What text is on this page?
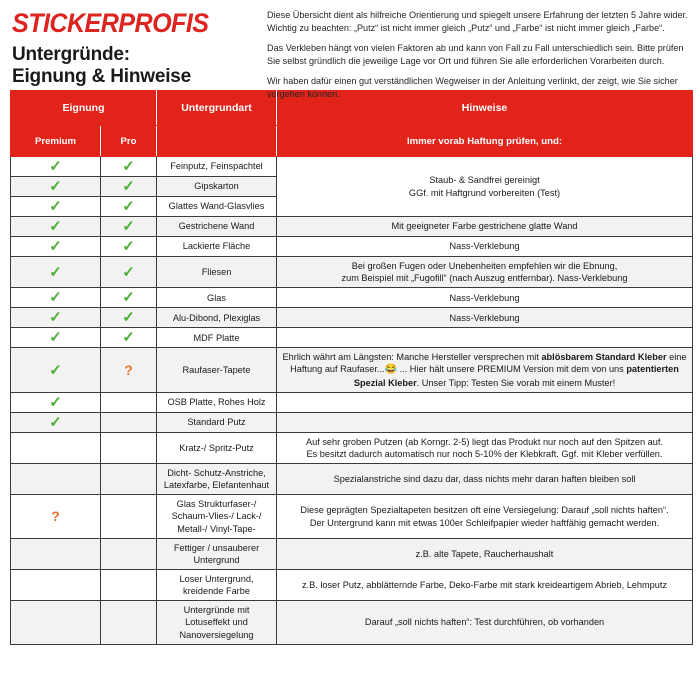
STICKERPROFIS
Untergründe:
Eignung & Hinweise

Diese Übersicht dient als hilfreiche Orientierung und spiegelt unsere Erfahrung der letzten 5 Jahre wider. Wichtig zu beachten: „Putz“ ist nicht immer gleich „Putz“ und „Farbe“ ist nicht immer gleich „Farbe“.

Das Verkleben hängt von vielen Faktoren ab und kann von Fall zu Fall unterschiedlich sein. Bitte prüfen Sie selbst gründlich die jeweilige Lage vor Ort und führen Sie alle erforderlichen Vorarbeiten durch.

Wir haben dafür einen gut verständlichen Wegweiser in der Anleitung verlinkt, der zeigt, wie Sie sicher vorgehen können.

Eignung		Untergrundart	Hinweise
Premium	Pro		Immer vorab Haftung prüfen, und:
✓	✓	Feinputz, Feinspachtel	Staub- & Sandfrei gereinigt
GGf. mit Haftgrund vorbereiten (Test)
✓	✓	Gipskarton	
✓	✓	Glattes Wand-Glasvlies	
✓	✓	Gestrichene Wand	Mit geeigneter Farbe gestrichene glatte Wand
✓	✓	Lackierte Fläche	Nass-Verklebung
✓	✓	Fliesen	Bei großen Fugen oder Unebenheiten empfehlen wir die Ebnung,
zum Beispiel mit „Fugofill“ (nach Auszug entfernbar). Nass-Verklebung
✓	✓	Glas	Nass-Verklebung
✓	✓	Alu-Dibond, Plexiglas	Nass-Verklebung
✓	✓	MDF Platte	
✓	?	Raufaser-Tapete	Ehrlich währt am Längsten: Manche Hersteller versprechen mit ablösbarem Standard Kleber eine Haftung auf Raufaser...😂 ... Hier hält unsere PREMIUM Version mit dem von uns patentierten Spezial Kleber. Unser Tipp: Testen Sie vorab mit einem Muster!
✓		OSB Platte, Rohes Holz	
✓		Standard Putz	
		Kratz-/ Spritz-Putz	Auf sehr groben Putzen (ab Korngr. 2-5) liegt das Produkt nur noch auf den Spitzen auf.
Es besitzt dadurch automatisch nur noch 5-10% der Klebkraft. Ggf. mit Kleber verfüllen.
		Dicht- Schutz-Anstriche, Latexfarbe, Elefantenhaut	Spezialanstriche sind dazu dar, dass nichts mehr daran haften bleiben soll
?		Glas Strukturfaser-/ Schaum-Vlies-/ Lack-/ Metall-/ Vinyl-Tape-	Diese geprägten Spezialtapeten besitzen oft eine Versiegelung: Darauf „soll nichts haften“.
Der Untergrund kann mit etwas 100er Schleifpapier wieder haftfähig gemacht werden.
		Fettiger / unsauberer Untergrund	z.B. alte Tapete, Raucherhaushalt
		Loser Untergrund, kreidende Farbe	z.B. loser Putz, abblätternde Farbe, Deko-Farbe mit stark kreideartigem Abrieb, Lehmputz
		Untergründe mit Lotuseffekt und Nanoversiegelung	Darauf „soll nichts haften“: Test durchführen, ob vorhanden
